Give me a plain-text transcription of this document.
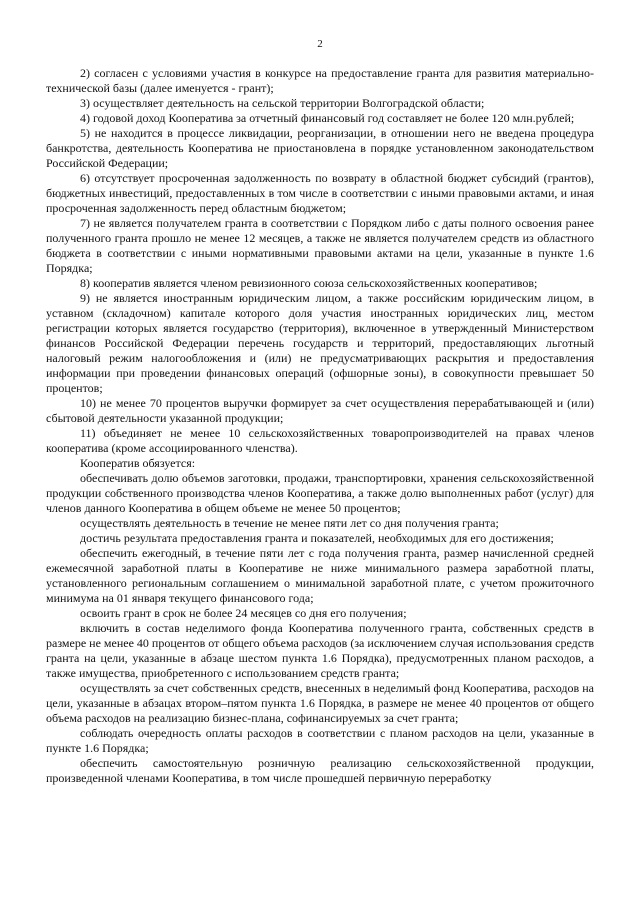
2

2) согласен с условиями участия в конкурсе на предоставление гранта для развития материально-технической базы (далее именуется - грант);

3) осуществляет деятельность на сельской территории Волгоградской области;

4) годовой доход Кооператива за отчетный финансовый год составляет не более 120 млн.рублей;

5) не находится в процессе ликвидации, реорганизации, в отношении него не введена процедура банкротства, деятельность Кооператива не приостановлена в порядке установленном законодательством Российской Федерации;

6) отсутствует просроченная задолженность по возврату в областной бюджет субсидий (грантов), бюджетных инвестиций, предоставленных в том числе в соответствии с иными правовыми актами, и иная просроченная задолженность перед областным бюджетом;

7) не является получателем гранта в соответствии с Порядком либо с даты полного освоения ранее полученного гранта прошло не менее 12 месяцев, а также не является получателем средств из областного бюджета в соответствии с иными нормативными правовыми актами на цели, указанные в пункте 1.6 Порядка;

8) кооператив является членом ревизионного союза сельскохозяйственных кооперативов;

9) не является иностранным юридическим лицом, а также российским юридическим лицом, в уставном (складочном) капитале которого доля участия иностранных юридических лиц, местом регистрации которых является государство (территория), включенное в утвержденный Министерством финансов Российской Федерации перечень государств и территорий, предоставляющих льготный налоговый режим налогообложения и (или) не предусматривающих раскрытия и предоставления информации при проведении финансовых операций (офшорные зоны), в совокупности превышает 50 процентов;

10) не менее 70 процентов выручки формирует за счет осуществления перерабатывающей и (или) сбытовой деятельности указанной продукции;

11) объединяет не менее 10 сельскохозяйственных товаропроизводителей на правах членов кооператива (кроме ассоциированного членства).

Кооператив обязуется:

обеспечивать долю объемов заготовки, продажи, транспортировки, хранения сельскохозяйственной продукции собственного производства членов Кооператива, а также долю выполненных работ (услуг) для членов данного Кооператива в общем объеме не менее 50 процентов;

осуществлять деятельность в течение не менее пяти лет со дня получения гранта;

достичь результата предоставления гранта и показателей, необходимых для его достижения;

обеспечить ежегодный, в течение пяти лет с года получения гранта, размер начисленной средней ежемесячной заработной платы в Кооперативе не ниже минимального размера заработной платы, установленного региональным соглашением о минимальной заработной плате, с учетом прожиточного минимума на 01 января текущего финансового года;

освоить грант в срок не более 24 месяцев со дня его получения;

включить в состав неделимого фонда Кооператива полученного гранта, собственных средств в размере не менее 40 процентов от общего объема расходов (за исключением случая использования средств гранта на цели, указанные в абзаце шестом пункта 1.6 Порядка), предусмотренных планом расходов, а также имущества, приобретенного с использованием средств гранта;

осуществлять за счет собственных средств, внесенных в неделимый фонд Кооператива, расходов на цели, указанные в абзацах втором–пятом пункта 1.6 Порядка, в размере не менее 40 процентов от общего объема расходов на реализацию бизнес-плана, софинансируемых за счет гранта;

соблюдать очередность оплаты расходов в соответствии с планом расходов на цели, указанные в пункте 1.6 Порядка;

обеспечить самостоятельную розничную реализацию сельскохозяйственной продукции, произведенной членами Кооператива, в том числе прошедшей первичную переработку
